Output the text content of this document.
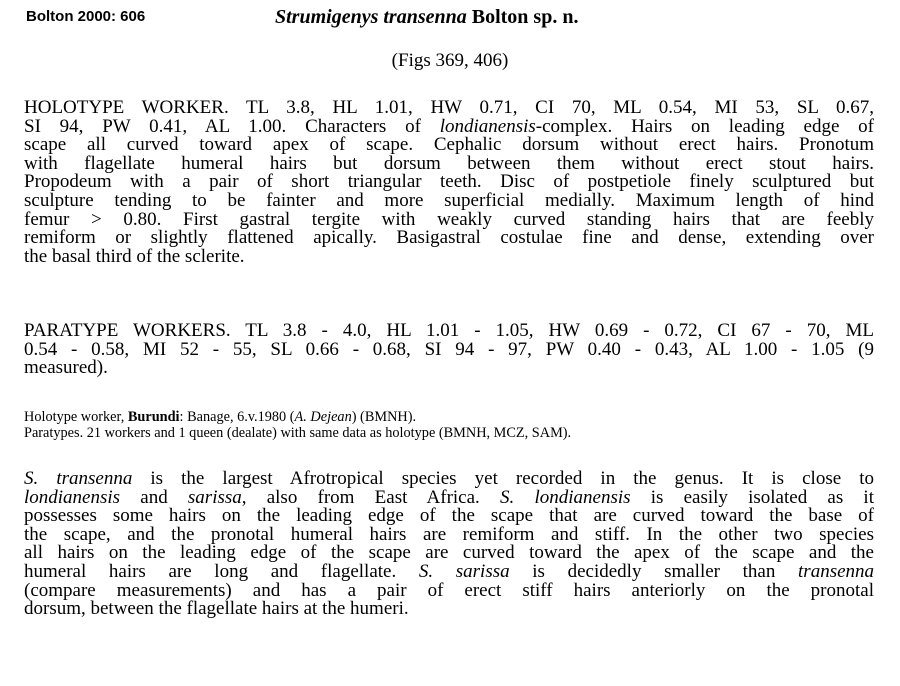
Bolton 2000: 606	Strumigenys transenna Bolton sp. n.
(Figs 369, 406)
HOLOTYPE WORKER. TL 3.8, HL 1.01, HW 0.71, CI 70, ML 0.54, MI 53, SL 0.67,
SI 94, PW 0.41, AL 1.00. Characters of londianensis-complex. Hairs on leading edge of
scape all curved toward apex of scape. Cephalic dorsum without erect hairs. Pronotum
with flagellate humeral hairs but dorsum between them without erect stout hairs.
Propodeum with a pair of short triangular teeth. Disc of postpetiole finely sculptured but
sculpture tending to be fainter and more superficial medially. Maximum length of hind
femur > 0.80. First gastral tergite with weakly curved standing hairs that are feebly
remiform or slightly flattened apically. Basigastral costulae fine and dense, extending over
the basal third of the sclerite.
PARATYPE WORKERS. TL 3.8 - 4.0, HL 1.01 - 1.05, HW 0.69 - 0.72, CI 67 - 70, ML
0.54 - 0.58, MI 52 - 55, SL 0.66 - 0.68, SI 94 - 97, PW 0.40 - 0.43, AL 1.00 - 1.05 (9
measured).
Holotype worker, Burundi: Banage, 6.v.1980 (A. Dejean) (BMNH).
Paratypes. 21 workers and 1 queen (dealate) with same data as holotype (BMNH, MCZ, SAM).
S. transenna is the largest Afrotropical species yet recorded in the genus. It is close to
londianensis and sarissa, also from East Africa. S. londianensis is easily isolated as it
possesses some hairs on the leading edge of the scape that are curved toward the base of
the scape, and the pronotal humeral hairs are remiform and stiff. In the other two species
all hairs on the leading edge of the scape are curved toward the apex of the scape and the
humeral hairs are long and flagellate. S. sarissa is decidedly smaller than transenna
(compare measurements) and has a pair of erect stiff hairs anteriorly on the pronotal
dorsum, between the flagellate hairs at the humeri.
